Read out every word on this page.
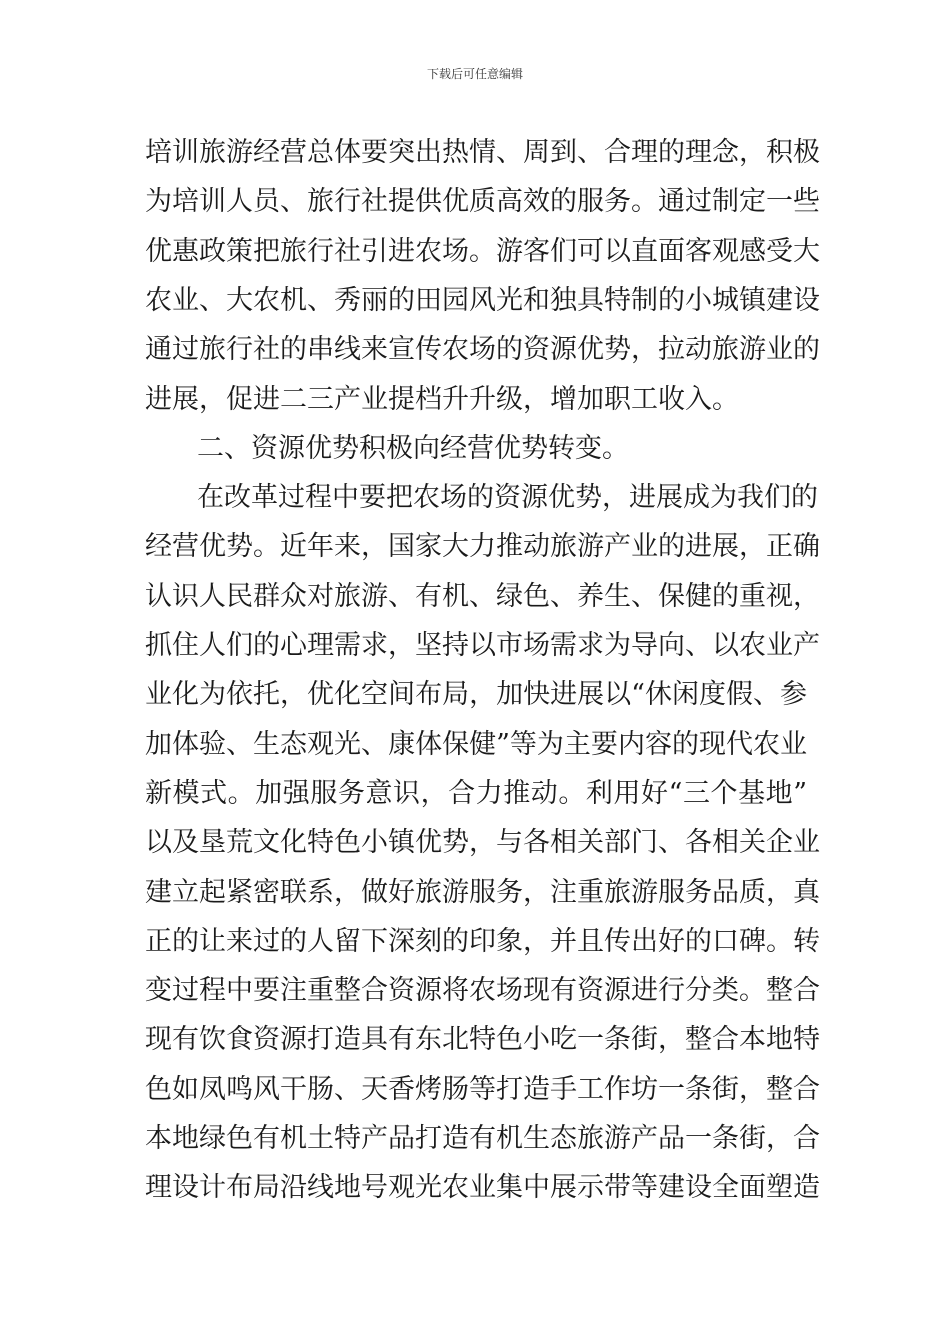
下载后可任意编辑
培训旅游经营总体要突出热情、周到、合理的理念，积极
为培训人员、旅行社提供优质高效的服务。通过制定一些
优惠政策把旅行社引进农场。游客们可以直面客观感受大
农业、大农机、秀丽的田园风光和独具特制的小城镇建设
通过旅行社的串线来宣传农场的资源优势，拉动旅游业的
进展，促进二三产业提档升升级，增加职工收入。
二、资源优势积极向经营优势转变。
在改革过程中要把农场的资源优势，进展成为我们的
经营优势。近年来，国家大力推动旅游产业的进展，正确
认识人民群众对旅游、有机、绿色、养生、保健的重视，
抓住人们的心理需求，坚持以市场需求为导向、以农业产
业化为依托，优化空间布局，加快进展以“休闲度假、参
加体验、生态观光、康体保健”等为主要内容的现代农业
新模式。加强服务意识，合力推动。利用好“三个基地”
以及垦荒文化特色小镇优势，与各相关部门、各相关企业
建立起紧密联系，做好旅游服务，注重旅游服务品质，真
正的让来过的人留下深刻的印象，并且传出好的口碑。转
变过程中要注重整合资源将农场现有资源进行分类。整合
现有饮食资源打造具有东北特色小吃一条街，整合本地特
色如凤鸣风干肠、天香烤肠等打造手工作坊一条街，整合
本地绿色有机土特产品打造有机生态旅游产品一条街，合
理设计布局沿线地号观光农业集中展示带等建设全面塑造
